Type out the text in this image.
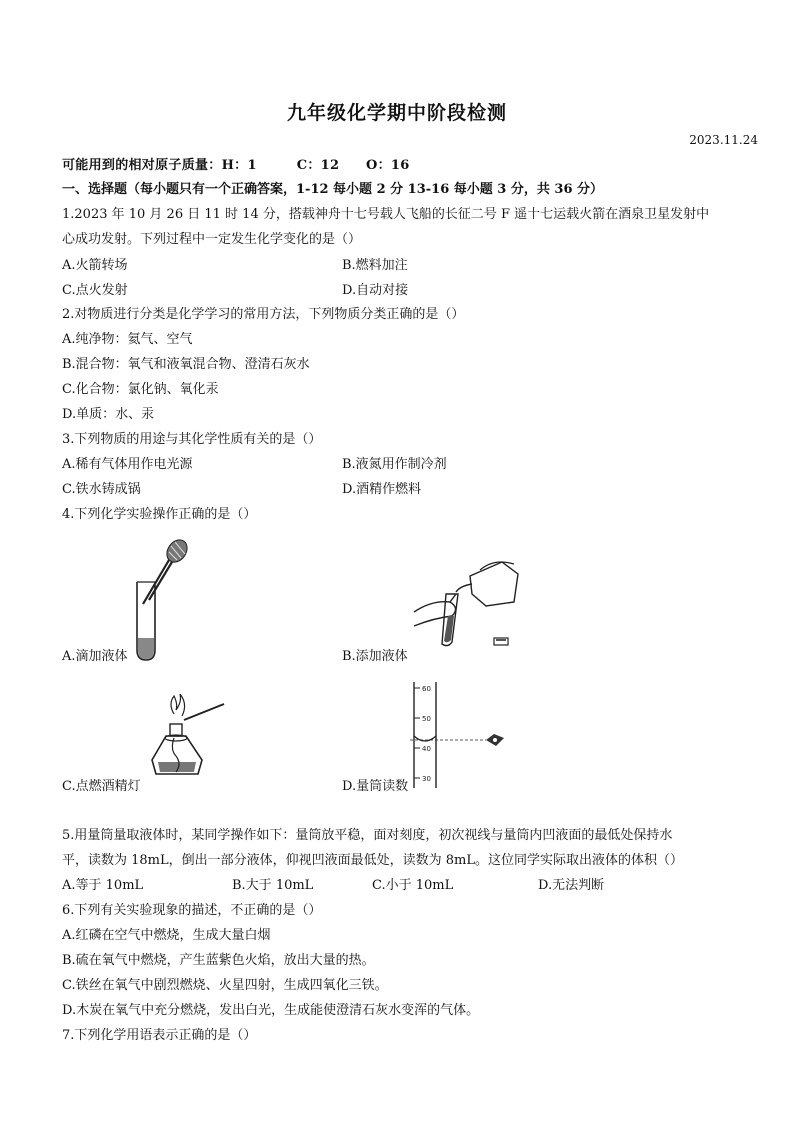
九年级化学期中阶段检测
2023.11.24
可能用到的相对原子质量：H：1　　　C：12　　O：16
一、选择题（每小题只有一个正确答案，1-12 每小题 2 分 13-16 每小题 3 分，共 36 分）
1.2023 年 10 月 26 日 11 时 14 分，搭载神舟十七号载人飞船的长征二号 F 遥十七运载火箭在酒泉卫星发射中
心成功发射。下列过程中一定发生化学变化的是（）
A.火箭转场	B.燃料加注
C.点火发射	D.自动对接
2.对物质进行分类是化学学习的常用方法，下列物质分类正确的是（）
A.纯净物：氦气、空气
B.混合物：氧气和液氧混合物、澄清石灰水
C.化合物：氯化钠、氧化汞
D.单质：水、汞
3.下列物质的用途与其化学性质有关的是（）
A.稀有气体用作电光源	B.液氮用作制冷剂
C.铁水铸成锅	D.酒精作燃料
4.下列化学实验操作正确的是（）
A.滴加液体	B.添加液体
C.点燃酒精灯
60
50
40
30
D.量筒读数
5.用量筒量取液体时，某同学操作如下：量筒放平稳，面对刻度，初次视线与量筒内凹液面的最低处保持水
平，读数为 18mL，倒出一部分液体，仰视凹液面最低处，读数为 8mL。这位同学实际取出液体的体积（）
A.等于 10mL	B.大于 10mL	C.小于 10mL	D.无法判断
6.下列有关实验现象的描述，不正确的是（）
A.红磷在空气中燃烧，生成大量白烟
B.硫在氧气中燃烧，产生蓝紫色火焰，放出大量的热。
C.铁丝在氧气中剧烈燃烧、火星四射，生成四氧化三铁。
D.木炭在氧气中充分燃烧，发出白光，生成能使澄清石灰水变浑的气体。
7.下列化学用语表示正确的是（）
